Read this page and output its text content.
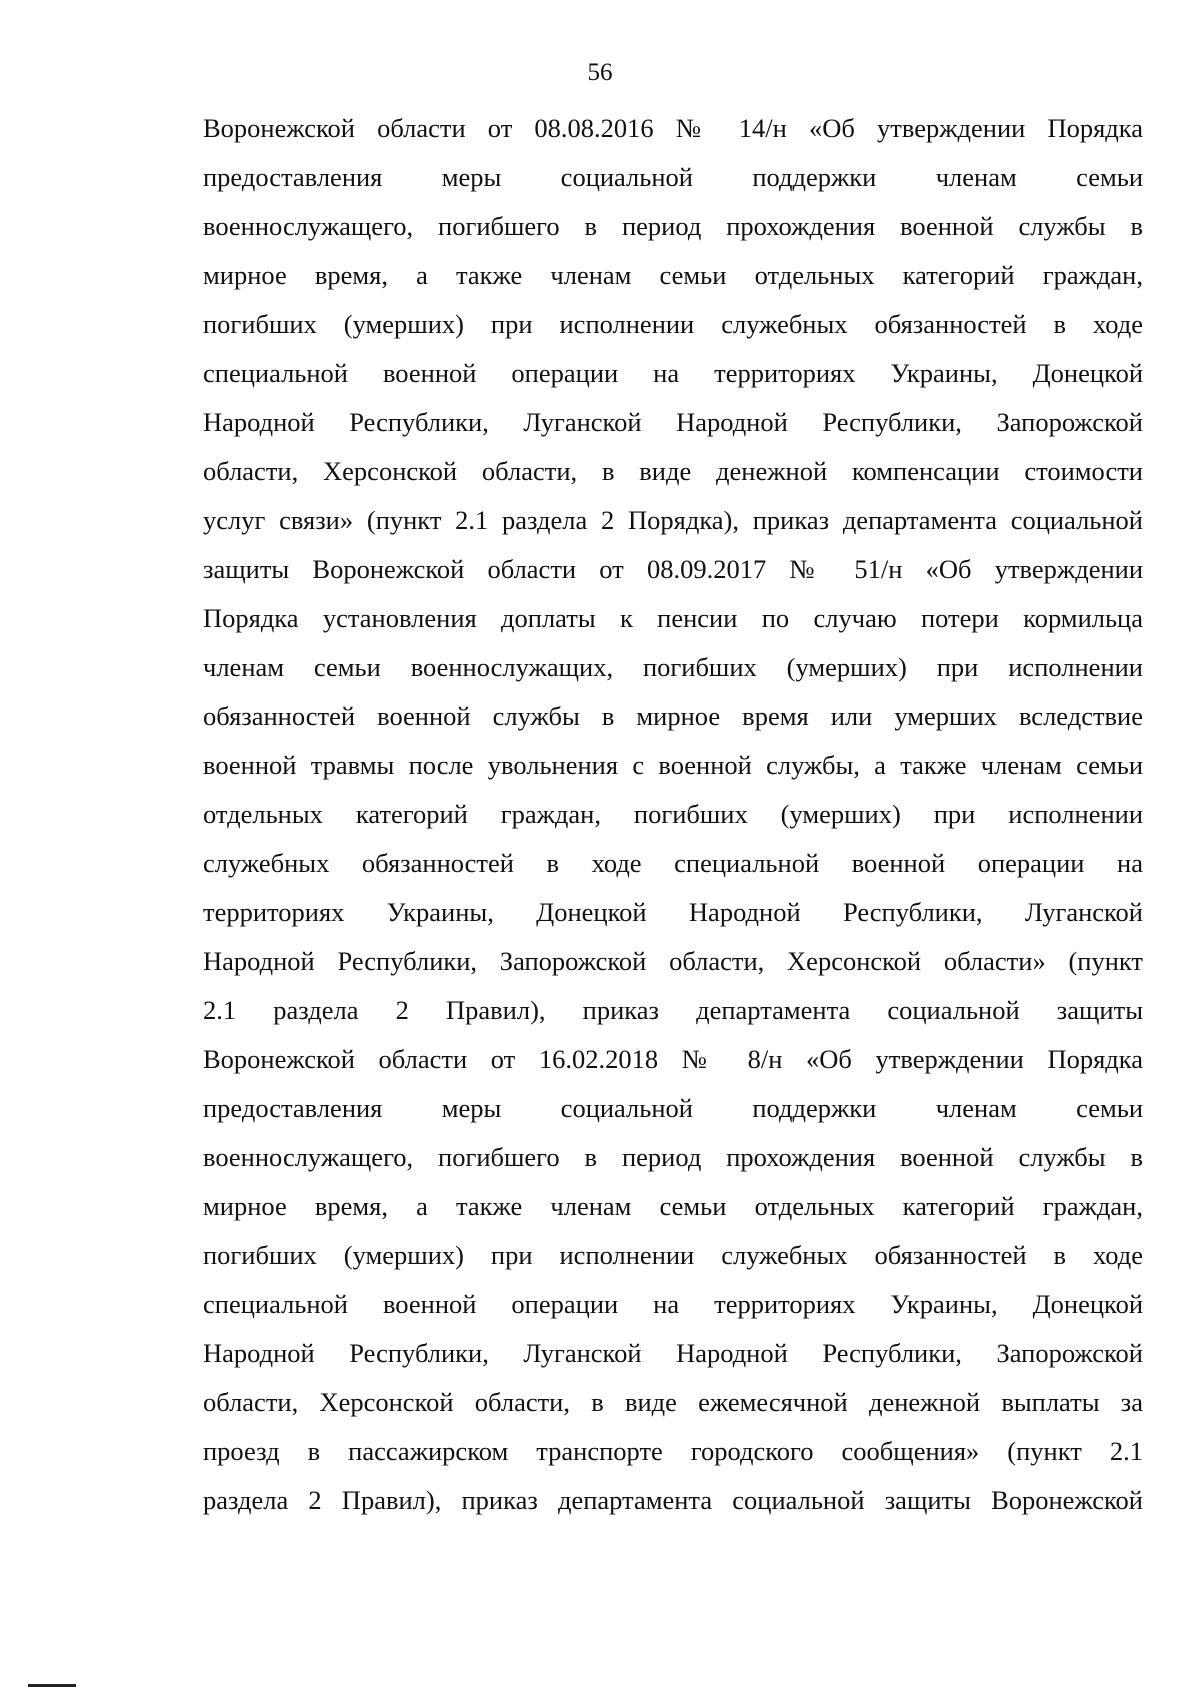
56
Воронежской области от 08.08.2016 № 14/н «Об утверждении Порядка
предоставления меры социальной поддержки членам семьи
военнослужащего, погибшего в период прохождения военной службы в
мирное время, а также членам семьи отдельных категорий граждан,
погибших (умерших) при исполнении служебных обязанностей в ходе
специальной военной операции на территориях Украины, Донецкой
Народной Республики, Луганской Народной Республики, Запорожской
области, Херсонской области, в виде денежной компенсации стоимости
услуг связи» (пункт 2.1 раздела 2 Порядка), приказ департамента социальной
защиты Воронежской области от 08.09.2017 № 51/н «Об утверждении
Порядка установления доплаты к пенсии по случаю потери кормильца
членам семьи военнослужащих, погибших (умерших) при исполнении
обязанностей военной службы в мирное время или умерших вследствие
военной травмы после увольнения с военной службы, а также членам семьи
отдельных категорий граждан, погибших (умерших) при исполнении
служебных обязанностей в ходе специальной военной операции на
территориях Украины, Донецкой Народной Республики, Луганской
Народной Республики, Запорожской области, Херсонской области» (пункт
2.1 раздела 2 Правил), приказ департамента социальной защиты
Воронежской области от 16.02.2018 № 8/н «Об утверждении Порядка
предоставления меры социальной поддержки членам семьи
военнослужащего, погибшего в период прохождения военной службы в
мирное время, а также членам семьи отдельных категорий граждан,
погибших (умерших) при исполнении служебных обязанностей в ходе
специальной военной операции на территориях Украины, Донецкой
Народной Республики, Луганской Народной Республики, Запорожской
области, Херсонской области, в виде ежемесячной денежной выплаты за
проезд в пассажирском транспорте городского сообщения» (пункт 2.1
раздела 2 Правил), приказ департамента социальной защиты Воронежской
